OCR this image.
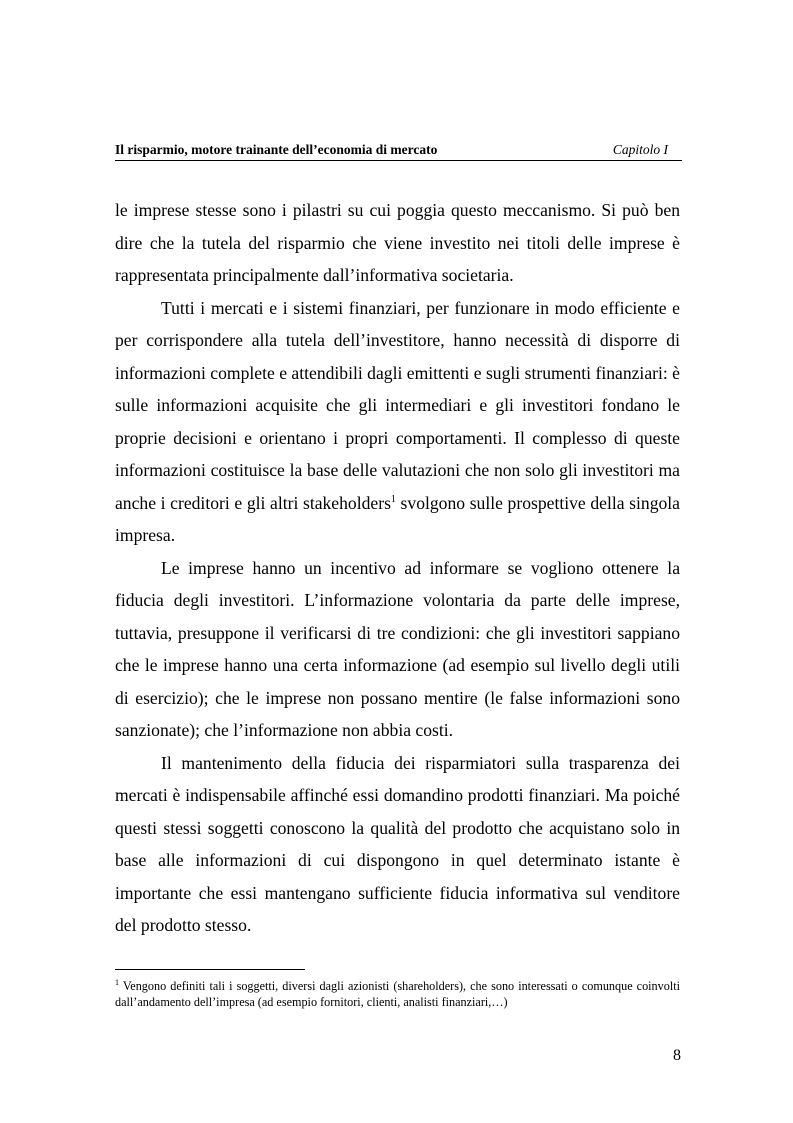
Il risparmio, motore trainante dell’economia di mercato	Capitolo I

le imprese stesse sono i pilastri su cui poggia questo meccanismo. Si può ben dire che la tutela del risparmio che viene investito nei titoli delle imprese è rappresentata principalmente dall’informativa societaria.

Tutti i mercati e i sistemi finanziari, per funzionare in modo efficiente e per corrispondere alla tutela dell’investitore, hanno necessità di disporre di informazioni complete e attendibili dagli emittenti e sugli strumenti finanziari: è sulle informazioni acquisite che gli intermediari e gli investitori fondano le proprie decisioni e orientano i propri comportamenti. Il complesso di queste informazioni costituisce la base delle valutazioni che non solo gli investitori ma anche i creditori e gli altri stakeholders$^1$ svolgono sulle prospettive della singola impresa.

Le imprese hanno un incentivo ad informare se vogliono ottenere la fiducia degli investitori. L’informazione volontaria da parte delle imprese, tuttavia, presuppone il verificarsi di tre condizioni: che gli investitori sappiano che le imprese hanno una certa informazione (ad esempio sul livello degli utili di esercizio); che le imprese non possano mentire (le false informazioni sono sanzionate); che l’informazione non abbia costi.

Il mantenimento della fiducia dei risparmiatori sulla trasparenza dei mercati è indispensabile affinché essi domandino prodotti finanziari. Ma poiché questi stessi soggetti conoscono la qualità del prodotto che acquistano solo in base alle informazioni di cui dispongono in quel determinato istante è importante che essi mantengano sufficiente fiducia informativa sul venditore del prodotto stesso.

$^1$ Vengono definiti tali i soggetti, diversi dagli azionisti (shareholders), che sono interessati o comunque coinvolti dall’andamento dell’impresa (ad esempio fornitori, clienti, analisti finanziari,…)
8
